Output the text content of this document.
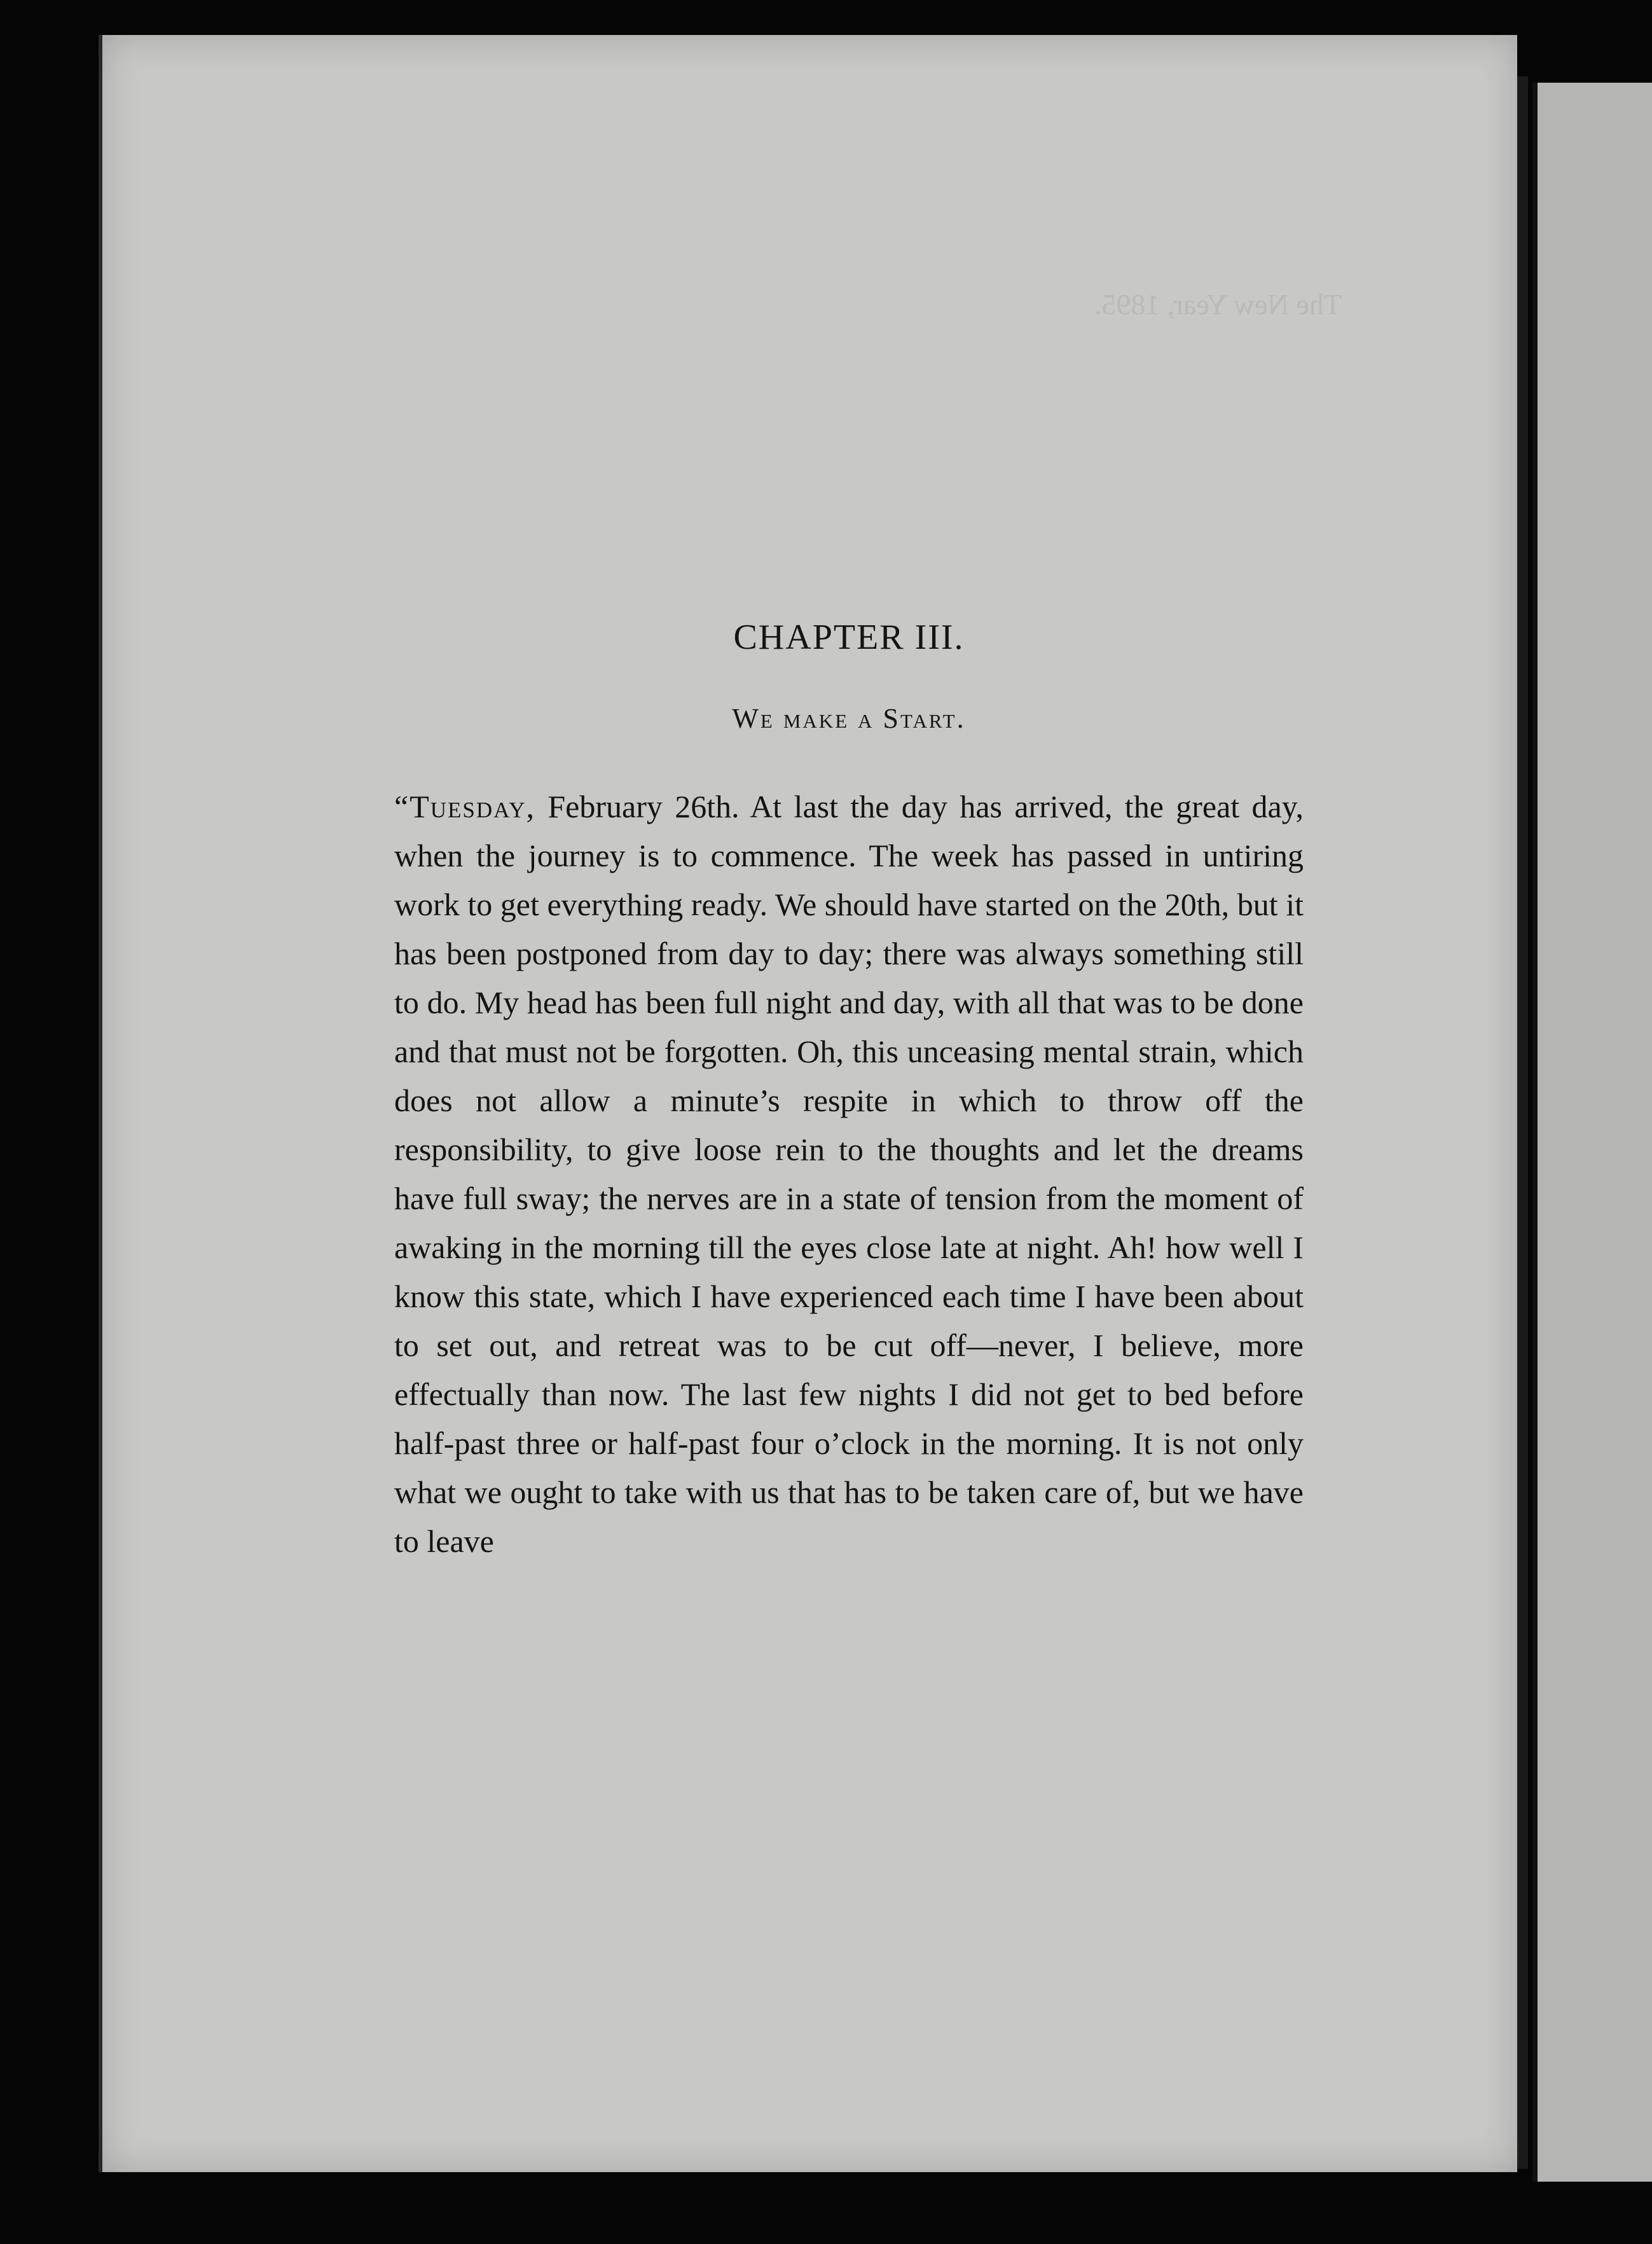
The New Year, 1895.
CHAPTER III.
We make a Start.

“Tuesday, February 26th. At last the day has arrived, the great day, when the journey is to commence. The week has passed in untiring work to get everything ready. We should have started on the 20th, but it has been postponed from day to day; there was always something still to do. My head has been full night and day, with all that was to be done and that must not be forgotten. Oh, this unceasing mental strain, which does not allow a minute’s respite in which to throw off the responsibility, to give loose rein to the thoughts and let the dreams have full sway; the nerves are in a state of tension from the moment of awaking in the morning till the eyes close late at night. Ah! how well I know this state, which I have experienced each time I have been about to set out, and retreat was to be cut off—never, I believe, more effectually than now. The last few nights I did not get to bed before half-past three or half-past four o’clock in the morning. It is not only what we ought to take with us that has to be taken care of, but we have to leave
